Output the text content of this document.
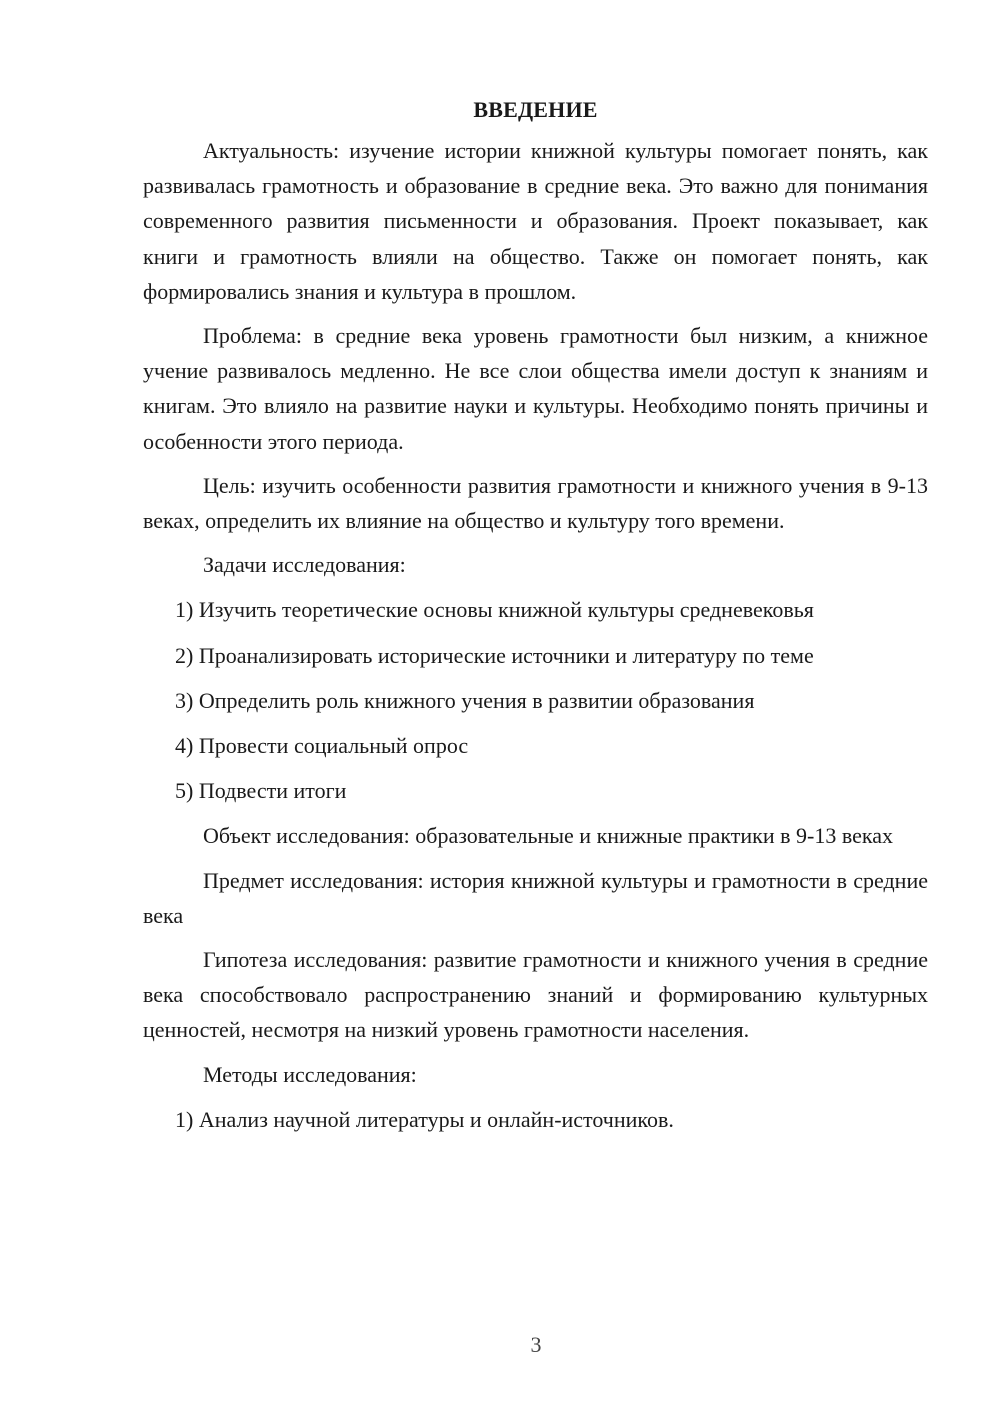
ВВЕДЕНИЕ

Актуальность: изучение истории книжной культуры помогает понять, как развивалась грамотность и образование в средние века. Это важно для понимания современного развития письменности и образования. Проект показывает, как книги и грамотность влияли на общество. Также он помогает понять, как формировались знания и культура в прошлом.

Проблема: в средние века уровень грамотности был низким, а книжное учение развивалось медленно. Не все слои общества имели доступ к знаниям и книгам. Это влияло на развитие науки и культуры. Необходимо понять причины и особенности этого периода.

Цель: изучить особенности развития грамотности и книжного учения в 9-13 веках, определить их влияние на общество и культуру того времени.

Задачи исследования:

1) Изучить теоретические основы книжной культуры средневековья
2) Проанализировать исторические источники и литературу по теме
3) Определить роль книжного учения в развитии образования
4) Провести социальный опрос
5) Подвести итоги

Объект исследования: образовательные и книжные практики в 9-13 веках

Предмет исследования: история книжной культуры и грамотности в средние века

Гипотеза исследования: развитие грамотности и книжного учения в средние века способствовало распространению знаний и формированию культурных ценностей, несмотря на низкий уровень грамотности населения.

Методы исследования:

1) Анализ научной литературы и онлайн-источников.
3
